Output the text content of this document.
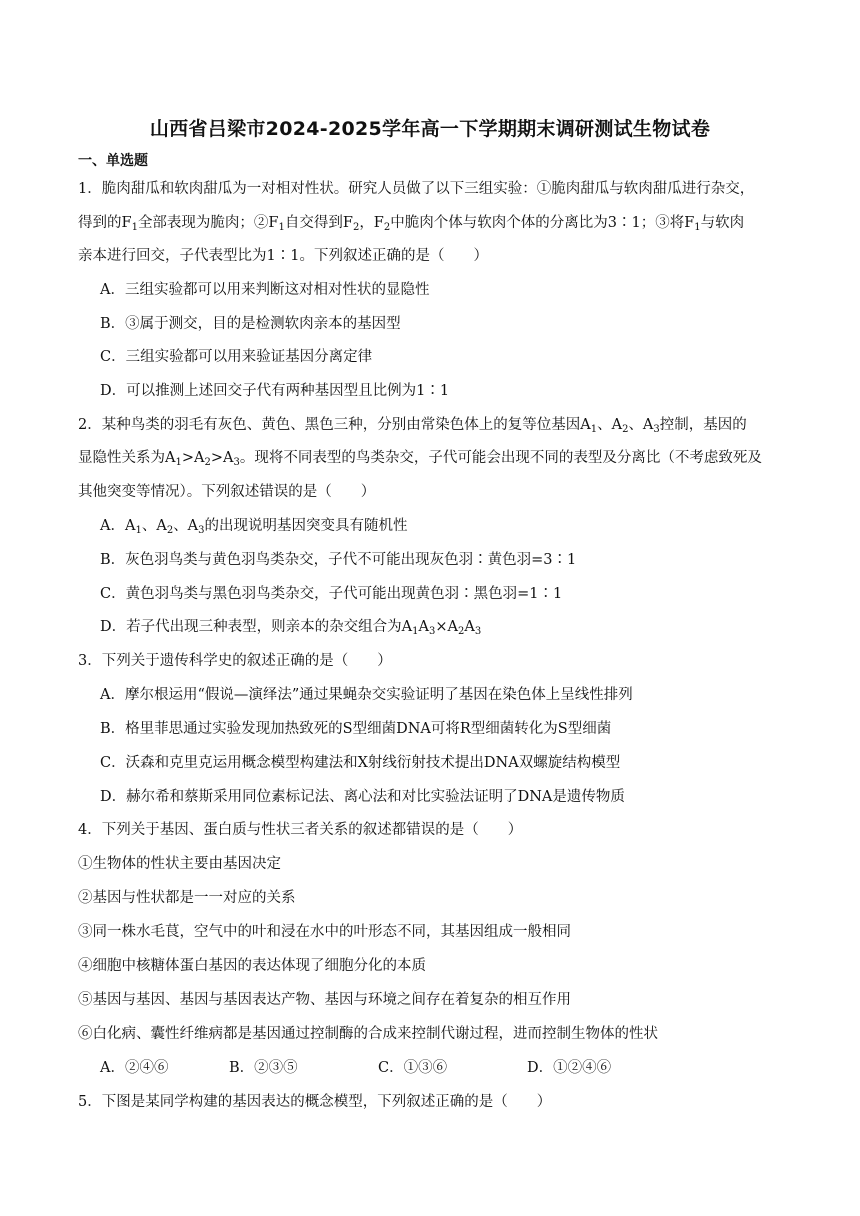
山西省吕梁市2024-2025学年高一下学期期末调研测试生物试卷
一、单选题
1．脆肉甜瓜和软肉甜瓜为一对相对性状。研究人员做了以下三组实验：①脆肉甜瓜与软肉甜瓜进行杂交，
得到的$F_1$全部表现为脆肉；$②F_1$自交得到$F_2$，$F_2$中脆肉个体与软肉个体的分离比为3∶1；③将$F_1$与软肉
亲本进行回交，子代表型比为1∶1。下列叙述正确的是（　　）
A．三组实验都可以用来判断这对相对性状的显隐性
B．③属于测交，目的是检测软肉亲本的基因型
C．三组实验都可以用来验证基因分离定律
D．可以推测上述回交子代有两种基因型且比例为1∶1
2．某种鸟类的羽毛有灰色、黄色、黑色三种，分别由常染色体上的复等位基因$A_1$、$A_2$、$A_3$控制，基因的
显隐性关系为$A_1>A_2>A_3$。现将不同表型的鸟类杂交，子代可能会出现不同的表型及分离比（不考虑致死及
其他突变等情况）。下列叙述错误的是（　　）
A．$A_1$、$A_2$、$A_3$的出现说明基因突变具有随机性
B．灰色羽鸟类与黄色羽鸟类杂交，子代不可能出现灰色羽∶黄色羽=3∶1
C．黄色羽鸟类与黑色羽鸟类杂交，子代可能出现黄色羽∶黑色羽=1∶1
D．若子代出现三种表型，则亲本的杂交组合为$A_1A_3\times A_2A_3$
3．下列关于遗传科学史的叙述正确的是（　　）
A．摩尔根运用“假说—演绎法”通过果蝇杂交实验证明了基因在染色体上呈线性排列
B．格里菲思通过实验发现加热致死的S型细菌DNA可将R型细菌转化为S型细菌
C．沃森和克里克运用概念模型构建法和X射线衍射技术提出DNA双螺旋结构模型
D．赫尔希和蔡斯采用同位素标记法、离心法和对比实验法证明了DNA是遗传物质
4．下列关于基因、蛋白质与性状三者关系的叙述都错误的是（　　）
①生物体的性状主要由基因决定
②基因与性状都是一一对应的关系
③同一株水毛茛，空气中的叶和浸在水中的叶形态不同，其基因组成一般相同
④细胞中核糖体蛋白基因的表达体现了细胞分化的本质
⑤基因与基因、基因与基因表达产物、基因与环境之间存在着复杂的相互作用
⑥白化病、囊性纤维病都是基因通过控制酶的合成来控制代谢过程，进而控制生物体的性状
A．②④⑥	B．②③⑤	C．①③⑥	D．①②④⑥
5．下图是某同学构建的基因表达的概念模型，下列叙述正确的是（　　）
